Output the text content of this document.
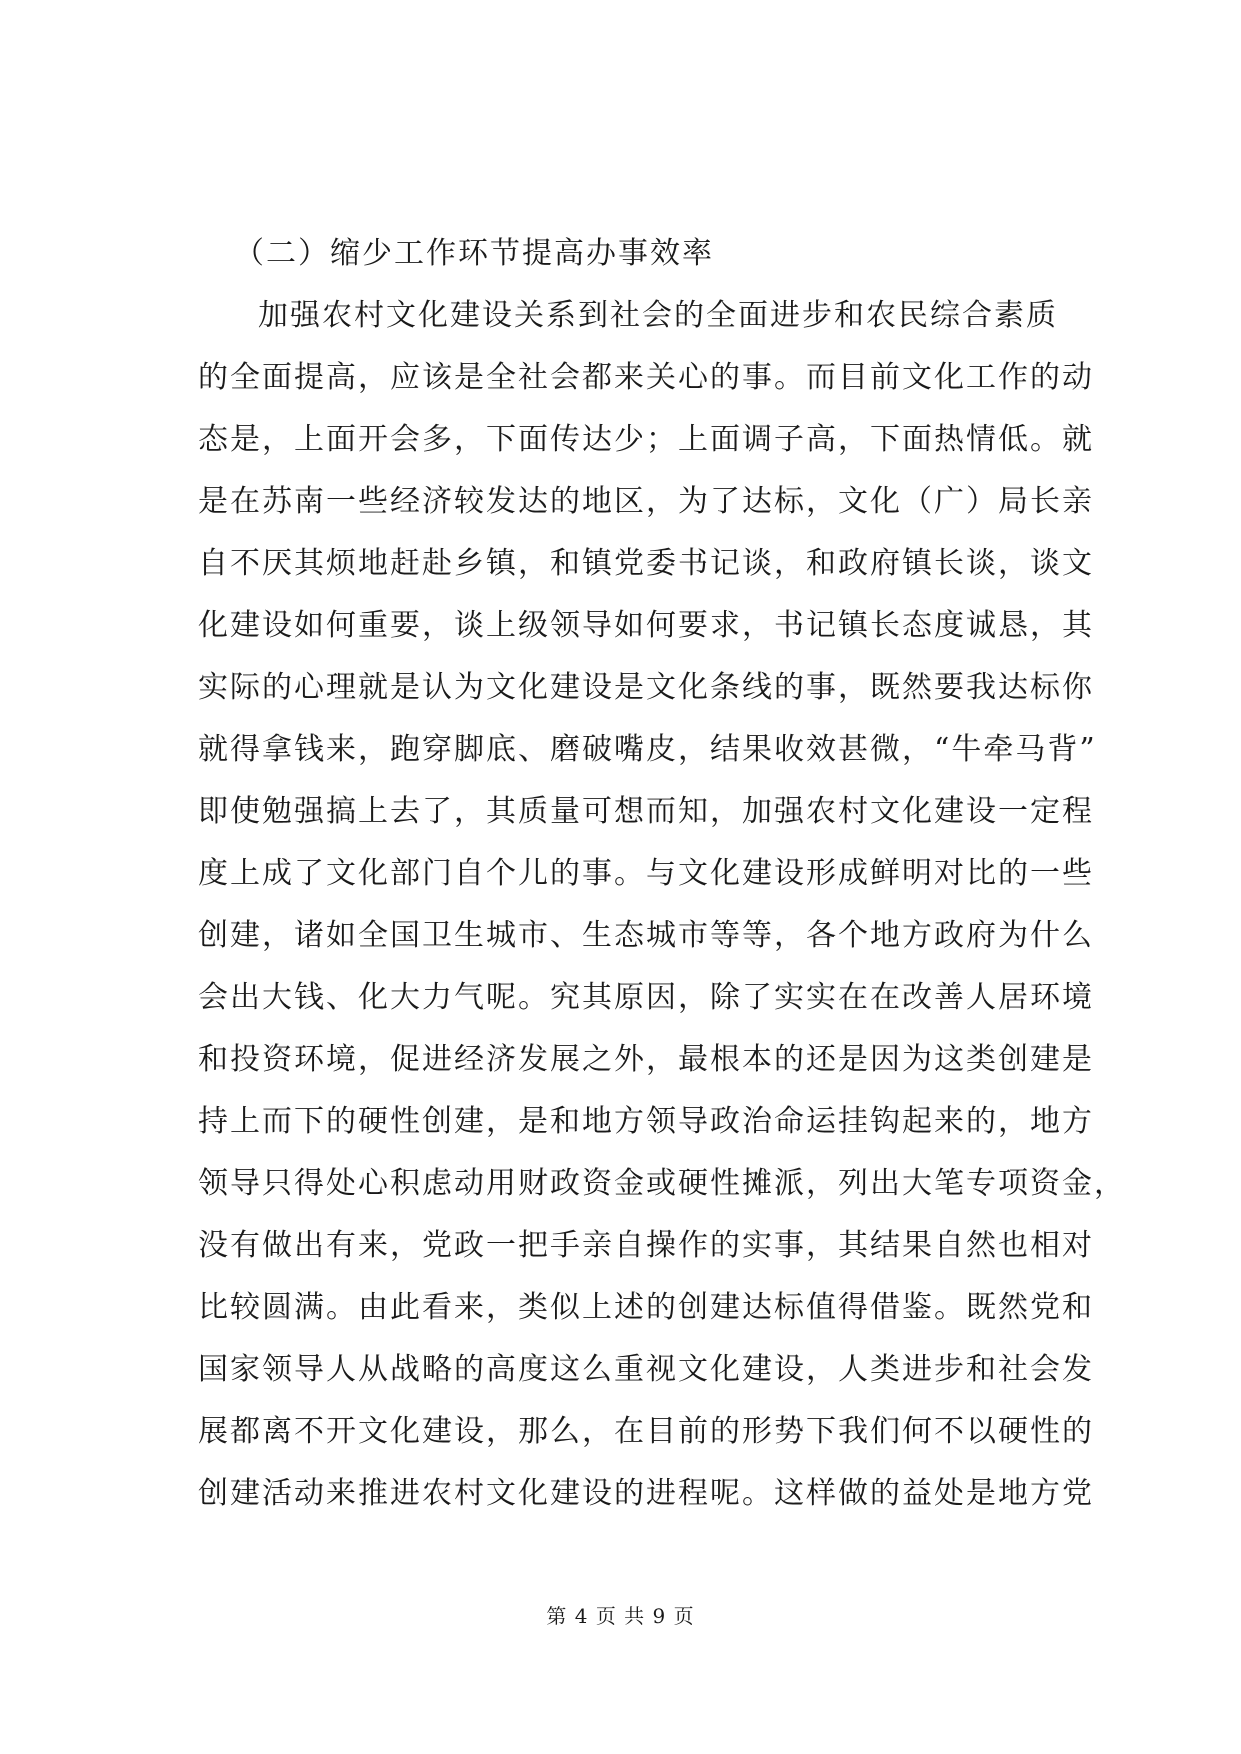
（二）缩少工作环节提高办事效率
加强农村文化建设关系到社会的全面进步和农民综合素质
的全面提高，应该是全社会都来关心的事。而目前文化工作的动
态是，上面开会多，下面传达少；上面调子高，下面热情低。就
是在苏南一些经济较发达的地区，为了达标，文化（广）局长亲
自不厌其烦地赶赴乡镇，和镇党委书记谈，和政府镇长谈，谈文
化建设如何重要，谈上级领导如何要求，书记镇长态度诚恳，其
实际的心理就是认为文化建设是文化条线的事，既然要我达标你
就得拿钱来，跑穿脚底、磨破嘴皮，结果收效甚微，“牛牵马背”
即使勉强搞上去了，其质量可想而知，加强农村文化建设一定程
度上成了文化部门自个儿的事。与文化建设形成鲜明对比的一些
创建，诸如全国卫生城市、生态城市等等，各个地方政府为什么
会出大钱、化大力气呢。究其原因，除了实实在在改善人居环境
和投资环境，促进经济发展之外，最根本的还是因为这类创建是
持上而下的硬性创建，是和地方领导政治命运挂钩起来的，地方
领导只得处心积虑动用财政资金或硬性摊派，列出大笔专项资金，
没有做出有来，党政一把手亲自操作的实事，其结果自然也相对
比较圆满。由此看来，类似上述的创建达标值得借鉴。既然党和
国家领导人从战略的高度这么重视文化建设，人类进步和社会发
展都离不开文化建设，那么，在目前的形势下我们何不以硬性的
创建活动来推进农村文化建设的进程呢。这样做的益处是地方党
第 4 页 共 9 页
